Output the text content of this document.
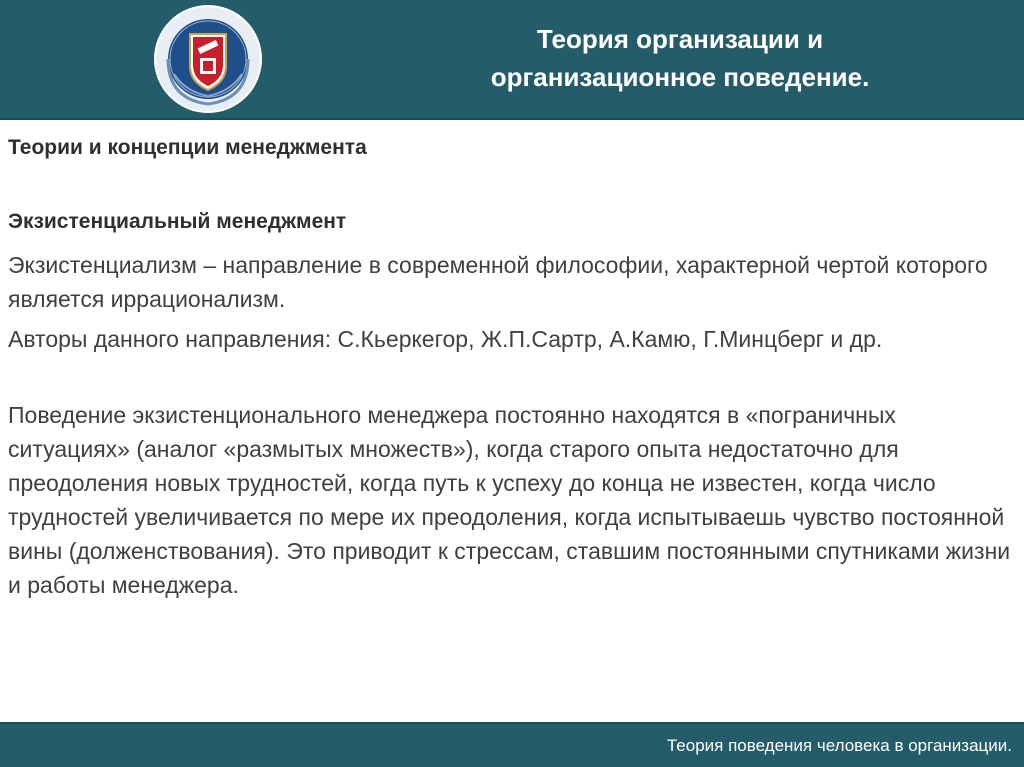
Теория организации и
организационное поведение.
Теории и концепции менеджмента
Экзистенциальный менеджмент
Экзистенциализм – направление в современной философии, характерной чертой которого является иррационализм.
Авторы данного направления: С.Кьеркегор, Ж.П.Сартр, А.Камю, Г.Минцберг и др.
Поведение экзистенционального менеджера постоянно находятся в «пограничных ситуациях» (аналог «размытых множеств»), когда старого опыта недостаточно для преодоления новых трудностей, когда путь к успеху до конца не известен, когда число трудностей увеличивается по мере их преодоления, когда испытываешь чувство постоянной вины (долженствования). Это приводит к стрессам, ставшим постоянными спутниками жизни и работы менеджера.
Теория поведения человека в организации.
